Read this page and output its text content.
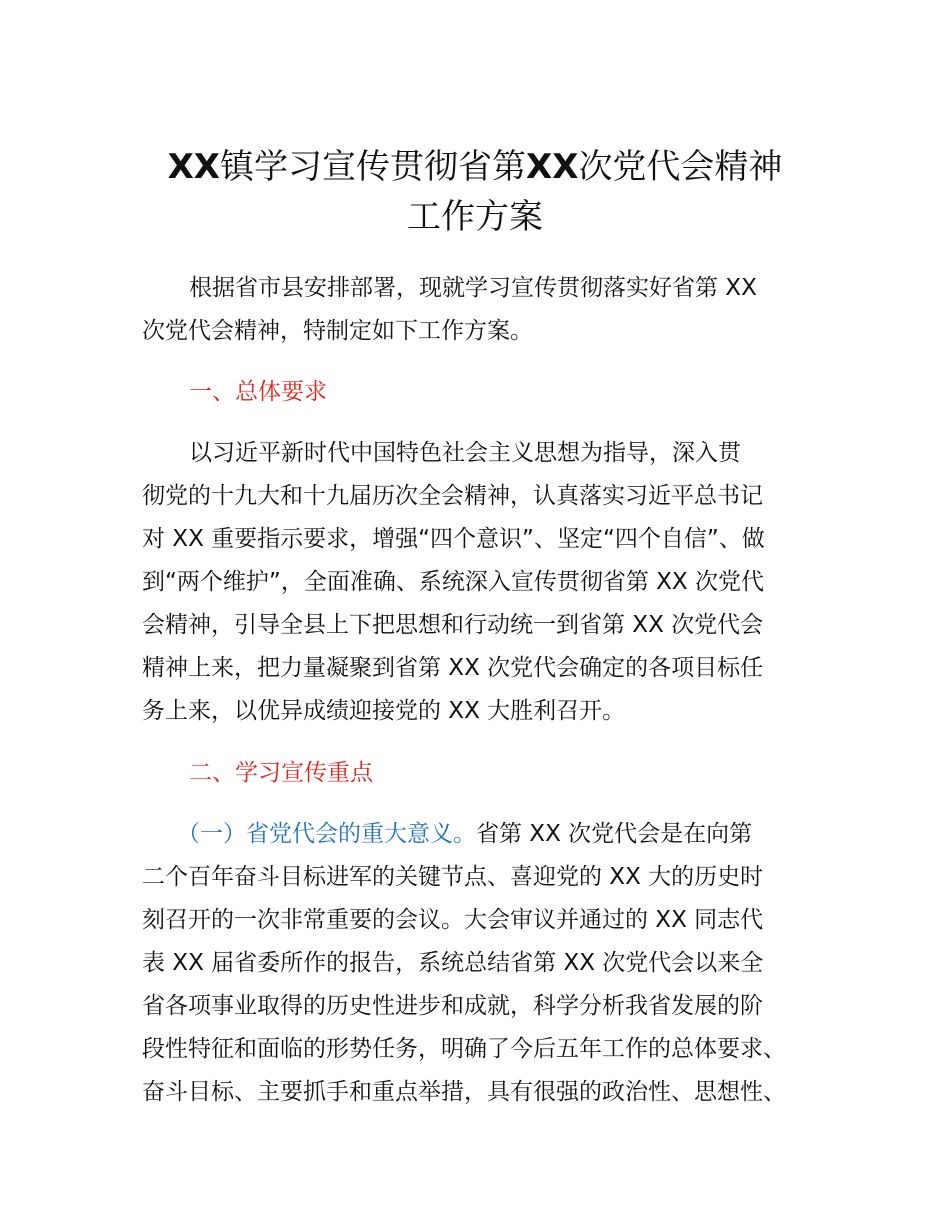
XX镇学习宣传贯彻省第XX次党代会精神
工作方案
根据省市县安排部署，现就学习宣传贯彻落实好省第 XX
次党代会精神，特制定如下工作方案。
一、总体要求
以习近平新时代中国特色社会主义思想为指导，深入贯
彻党的十九大和十九届历次全会精神，认真落实习近平总书记
对 XX 重要指示要求，增强“四个意识”、坚定“四个自信”、做
到“两个维护”，全面准确、系统深入宣传贯彻省第 XX 次党代
会精神，引导全县上下把思想和行动统一到省第 XX 次党代会
精神上来，把力量凝聚到省第 XX 次党代会确定的各项目标任
务上来，以优异成绩迎接党的 XX 大胜利召开。
二、学习宣传重点
（一）省党代会的重大意义。省第 XX 次党代会是在向第
二个百年奋斗目标进军的关键节点、喜迎党的 XX 大的历史时
刻召开的一次非常重要的会议。大会审议并通过的 XX 同志代
表 XX 届省委所作的报告，系统总结省第 XX 次党代会以来全
省各项事业取得的历史性进步和成就，科学分析我省发展的阶
段性特征和面临的形势任务，明确了今后五年工作的总体要求、
奋斗目标、主要抓手和重点举措，具有很强的政治性、思想性、
